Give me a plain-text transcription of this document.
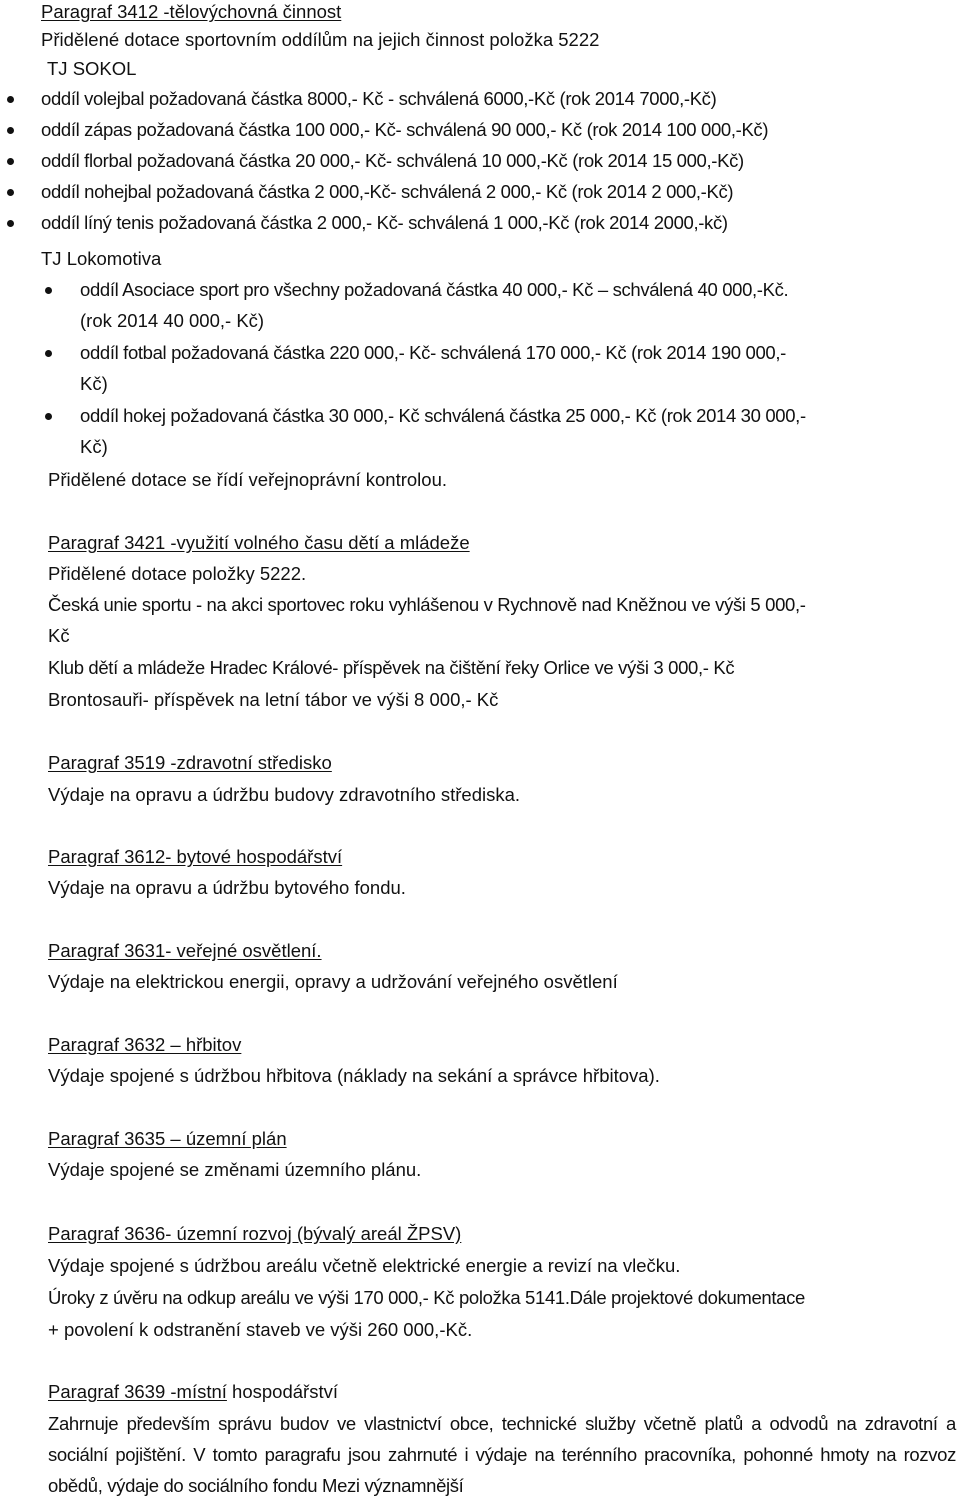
Paragraf 3412 -tělovýchovná činnost
Přidělené dotace sportovním oddílům na jejich činnost položka 5222
TJ SOKOL
oddíl volejbal požadovaná částka 8000,- Kč - schválená 6000,-Kč (rok 2014 7000,-Kč)
oddíl zápas požadovaná částka 100 000,- Kč- schválená 90 000,- Kč (rok 2014 100 000,-Kč)
oddíl florbal požadovaná částka 20 000,- Kč- schválená 10 000,-Kč (rok 2014 15 000,-Kč)
oddíl nohejbal požadovaná částka 2 000,-Kč- schválená 2 000,- Kč (rok 2014 2 000,-Kč)
oddíl líný tenis požadovaná částka 2 000,- Kč- schválená 1 000,-Kč (rok 2014 2000,-kč)
TJ Lokomotiva
oddíl Asociace sport pro všechny požadovaná částka 40 000,- Kč – schválená 40 000,-Kč.
(rok 2014 40 000,- Kč)
oddíl fotbal požadovaná částka 220 000,- Kč- schválená 170 000,- Kč (rok 2014 190 000,-
Kč)
oddíl hokej požadovaná částka 30 000,- Kč schválená částka 25 000,- Kč (rok 2014 30 000,-
Kč)
Přidělené dotace se řídí veřejnoprávní kontrolou.
Paragraf 3421 -využití volného času dětí a mládeže
Přidělené dotace položky 5222.
Česká unie sportu - na akci sportovec roku vyhlášenou v Rychnově nad Kněžnou ve výši 5 000,-
Kč
Klub dětí a mládeže Hradec Králové- příspěvek na čištění řeky Orlice ve výši 3 000,- Kč
Brontosauři- příspěvek na letní tábor ve výši 8 000,- Kč
Paragraf 3519 -zdravotní středisko
Výdaje na opravu a údržbu budovy zdravotního střediska.
Paragraf 3612- bytové hospodářství
Výdaje na opravu a údržbu bytového fondu.
Paragraf 3631- veřejné osvětlení.
Výdaje na elektrickou energii, opravy a udržování veřejného osvětlení
Paragraf 3632 – hřbitov
Výdaje spojené s údržbou hřbitova (náklady na sekání a správce hřbitova).
Paragraf 3635 – územní plán
Výdaje spojené se změnami územního plánu.
Paragraf 3636- územní rozvoj (bývalý areál ŽPSV)
Výdaje spojené s údržbou areálu včetně elektrické energie a revizí na vlečku.
Úroky z úvěru na odkup areálu ve výši 170 000,- Kč položka 5141.Dále projektové dokumentace
+ povolení k odstranění staveb ve výši 260 000,-Kč.
Paragraf 3639 -místní hospodářství
Zahrnuje především správu budov ve vlastnictví obce, technické služby včetně platů a odvodů na zdravotní a sociální pojištění. V tomto paragrafu jsou zahrnuté i výdaje na terénního pracovníka, pohonné hmoty na rozvoz obědů, výdaje do sociálního fondu Mezi významnější
